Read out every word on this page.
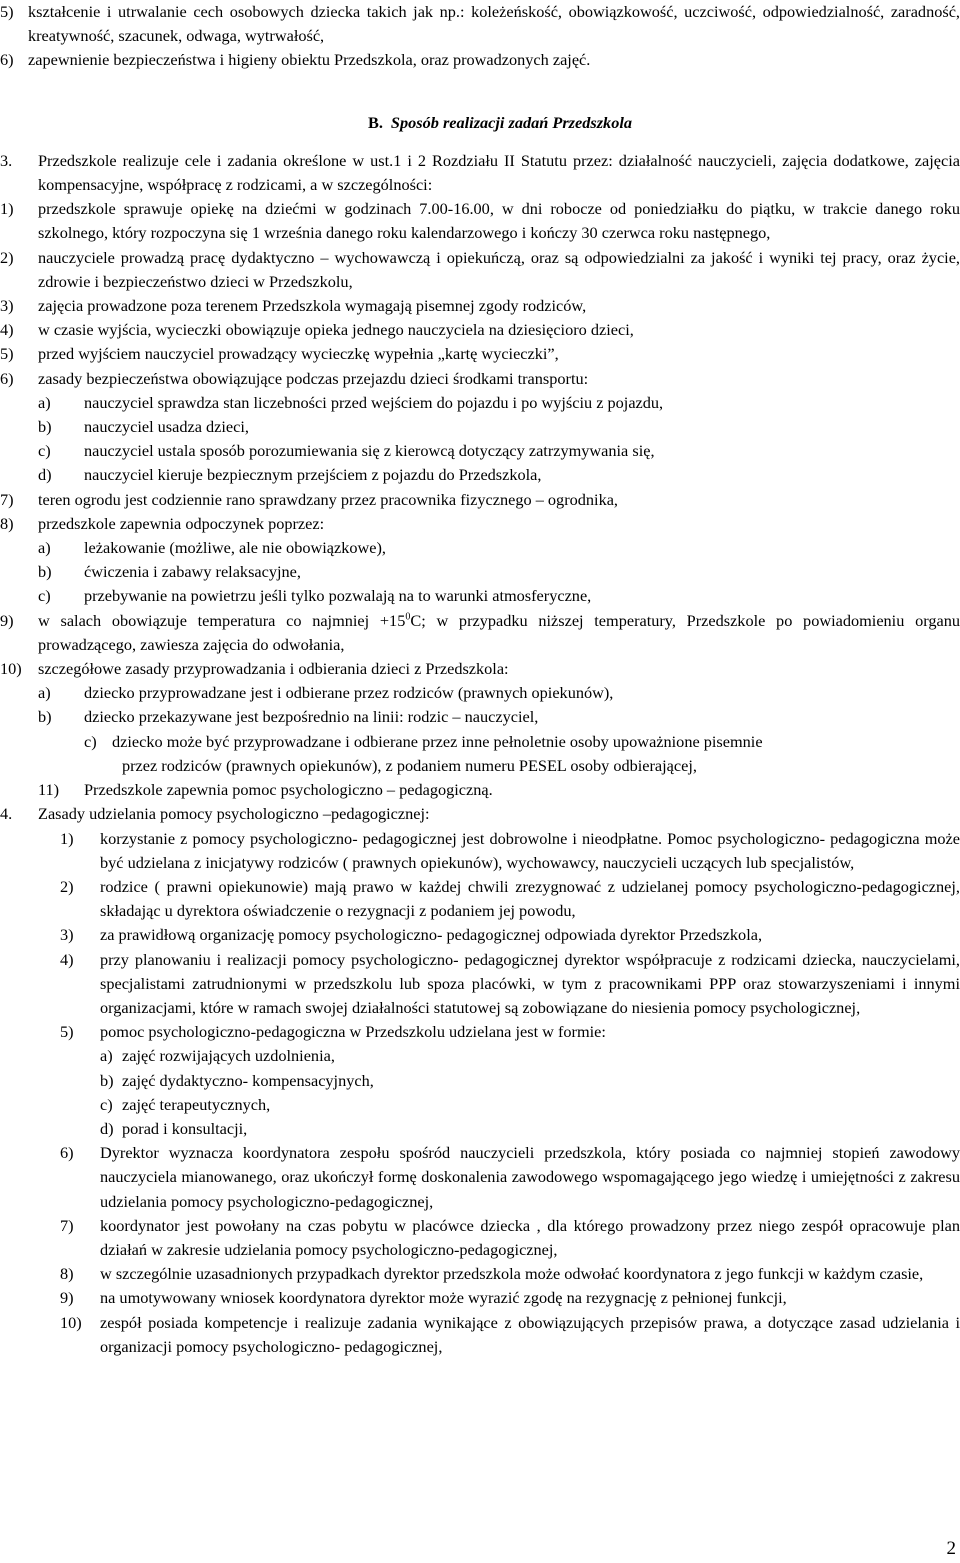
5) kształcenie i utrwalanie cech osobowych dziecka takich jak np.: koleżeńskość, obowiązkowość, uczciwość, odpowiedzialność, zaradność, kreatywność, szacunek, odwaga, wytrwałość,
6) zapewnienie bezpieczeństwa i higieny obiektu Przedszkola, oraz prowadzonych zajęć.
B. Sposób realizacji zadań Przedszkola
3. Przedszkole realizuje cele i zadania określone w ust.1 i 2 Rozdziału II Statutu przez: działalność nauczycieli, zajęcia dodatkowe, zajęcia kompensacyjne, współpracę z rodzicami, a w szczególności:
1) przedszkole sprawuje opiekę na dziećmi w godzinach 7.00-16.00, w dni robocze od poniedziałku do piątku, w trakcie danego roku szkolnego, który rozpoczyna się 1 września danego roku kalendarzowego i kończy 30 czerwca roku następnego,
2) nauczyciele prowadzą pracę dydaktyczno – wychowawczą i opiekuńczą, oraz są odpowiedzialni za jakość i wyniki tej pracy, oraz życie, zdrowie i bezpieczeństwo dzieci w Przedszkolu,
3) zajęcia prowadzone poza terenem Przedszkola wymagają pisemnej zgody rodziców,
4) w czasie wyjścia, wycieczki obowiązuje opieka jednego nauczyciela na dziesięcioro dzieci,
5) przed wyjściem nauczyciel prowadzący wycieczkę wypełnia „kartę wycieczki”,
6) zasady bezpieczeństwa obowiązujące podczas przejazdu dzieci środkami transportu:
a) nauczyciel sprawdza stan liczebności przed wejściem do pojazdu i po wyjściu z pojazdu,
b) nauczyciel usadza dzieci,
c) nauczyciel ustala sposób porozumiewania się z kierowcą dotyczący zatrzymywania się,
d) nauczyciel kieruje bezpiecznym przejściem z pojazdu do Przedszkola,
7) teren ogrodu jest codziennie rano sprawdzany przez pracownika fizycznego – ogrodnika,
8) przedszkole zapewnia odpoczynek poprzez:
a) leżakowanie (możliwe, ale nie obowiązkowe),
b) ćwiczenia i zabawy relaksacyjne,
c) przebywanie na powietrzu jeśli tylko pozwalają na to warunki atmosferyczne,
9) w salach obowiązuje temperatura co najmniej $+15^0C$; w przypadku niższej temperatury, Przedszkole po powiadomieniu organu prowadzącego, zawiesza zajęcia do odwołania,
10) szczegółowe zasady przyprowadzania i odbierania dzieci z Przedszkola:
a) dziecko przyprowadzane jest i odbierane przez rodziców (prawnych opiekunów),
b) dziecko przekazywane jest bezpośrednio na linii: rodzic – nauczyciel,
c) dziecko może być przyprowadzane i odbierane przez inne pełnoletnie osoby upoważnione pisemnie
przez rodziców (prawnych opiekunów), z podaniem numeru PESEL osoby odbierającej,
11) Przedszkole zapewnia pomoc psychologiczno – pedagogiczną.
4. Zasady udzielania pomocy psychologiczno –pedagogicznej:
1) korzystanie z pomocy psychologiczno- pedagogicznej jest dobrowolne i nieodpłatne. Pomoc psychologiczno- pedagogiczna może być udzielana z inicjatywy rodziców ( prawnych opiekunów), wychowawcy, nauczycieli uczących lub specjalistów,
2) rodzice ( prawni opiekunowie) mają prawo w każdej chwili zrezygnować z udzielanej pomocy psychologiczno-pedagogicznej, składając u dyrektora oświadczenie o rezygnacji z podaniem jej powodu,
3) za prawidłową organizację pomocy psychologiczno- pedagogicznej odpowiada dyrektor Przedszkola,
4) przy planowaniu i realizacji pomocy psychologiczno- pedagogicznej dyrektor współpracuje z rodzicami dziecka, nauczycielami, specjalistami zatrudnionymi w przedszkolu lub spoza placówki, w tym z pracownikami PPP oraz stowarzyszeniami i innymi organizacjami, które w ramach swojej działalności statutowej są zobowiązane do niesienia pomocy psychologicznej,
5) pomoc psychologiczno-pedagogiczna w Przedszkolu udzielana jest w formie:
a) zajęć rozwijających uzdolnienia,
b) zajęć dydaktyczno- kompensacyjnych,
c) zajęć terapeutycznych,
d) porad i konsultacji,
6) Dyrektor wyznacza koordynatora zespołu spośród nauczycieli przedszkola, który posiada co najmniej stopień zawodowy nauczyciela mianowanego, oraz ukończył formę doskonalenia zawodowego wspomagającego jego wiedzę i umiejętności z zakresu udzielania pomocy psychologiczno-pedagogicznej,
7) koordynator jest powołany na czas pobytu w placówce dziecka , dla którego prowadzony przez niego zespół opracowuje plan działań w zakresie udzielania pomocy psychologiczno-pedagogicznej,
8) w szczególnie uzasadnionych przypadkach dyrektor przedszkola może odwołać koordynatora z jego funkcji w każdym czasie,
9) na umotywowany wniosek koordynatora dyrektor może wyrazić zgodę na rezygnację z pełnionej funkcji,
10) zespół posiada kompetencje i realizuje zadania wynikające z obowiązujących przepisów prawa, a dotyczące zasad udzielania i organizacji pomocy psychologiczno- pedagogicznej,
2
